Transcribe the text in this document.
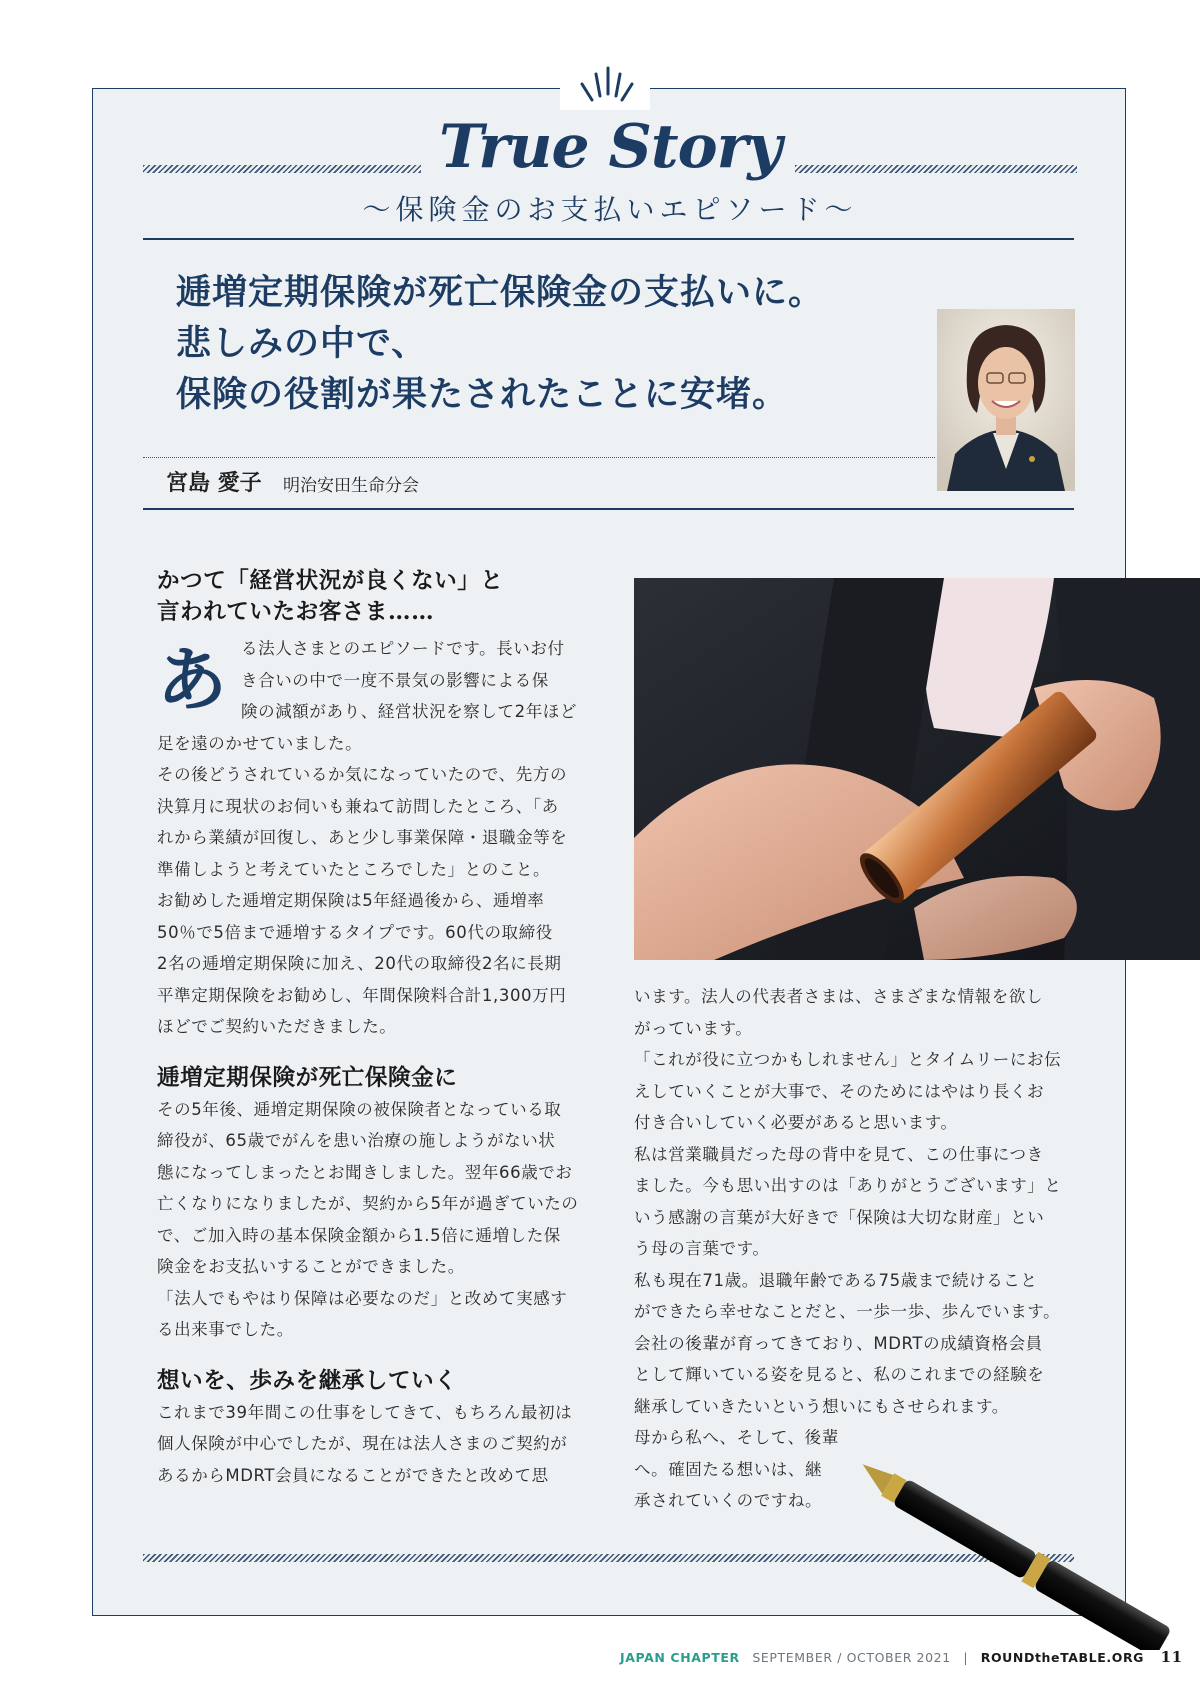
True Story
〜保険金のお支払いエピソード〜
逓増定期保険が死亡保険金の支払いに。
悲しみの中で、
保険の役割が果たされたことに安堵。
宮島 愛子 明治安田生命分会
かつて「経営状況が良くない」と
言われていたお客さま……

る法人さまとのエピソードです。長いお付

き合いの中で一度不景気の影響による保

険の減額があり、経営状況を察して2年ほど

足を遠のかせていました。

その後どうされているか気になっていたので、先方の

決算月に現状のお伺いも兼ねて訪問したところ、「あ

れから業績が回復し、あと少し事業保障・退職金等を

準備しようと考えていたところでした」とのこと。

お勧めした逓増定期保険は5年経過後から、逓増率

50％で5倍まで逓増するタイプです。60代の取締役

2名の逓増定期保険に加え、20代の取締役2名に長期

平準定期保険をお勧めし、年間保険料合計1,300万円

ほどでご契約いただきました。

逓増定期保険が死亡保険金に

その5年後、逓増定期保険の被保険者となっている取

締役が、65歳でがんを患い治療の施しようがない状

態になってしまったとお聞きしました。翌年66歳でお

亡くなりになりましたが、契約から5年が過ぎていたの

で、ご加入時の基本保険金額から1.5倍に逓増した保

険金をお支払いすることができました。

「法人でもやはり保障は必要なのだ」と改めて実感す

る出来事でした。

想いを、歩みを継承していく

これまで39年間この仕事をしてきて、もちろん最初は

個人保険が中心でしたが、現在は法人さまのご契約が

あるからMDRT会員になることができたと改めて思

あ

います。法人の代表者さまは、さまざまな情報を欲し

がっています。

「これが役に立つかもしれません」とタイムリーにお伝

えしていくことが大事で、そのためにはやはり長くお

付き合いしていく必要があると思います。

私は営業職員だった母の背中を見て、この仕事につき

ました。今も思い出すのは「ありがとうございます」と

いう感謝の言葉が大好きで「保険は大切な財産」とい

う母の言葉です。

私も現在71歳。退職年齢である75歳まで続けること

ができたら幸せなことだと、一歩一歩、歩んでいます。

会社の後輩が育ってきており、MDRTの成績資格会員

として輝いている姿を見ると、私のこれまでの経験を

継承していきたいという想いにもさせられます。

母から私へ、そして、後輩

へ。確固たる想いは、継

承されていくのですね。

JAPAN CHAPTER SEPTEMBER / OCTOBER 2021 | ROUNDtheTABLE.ORG 11
